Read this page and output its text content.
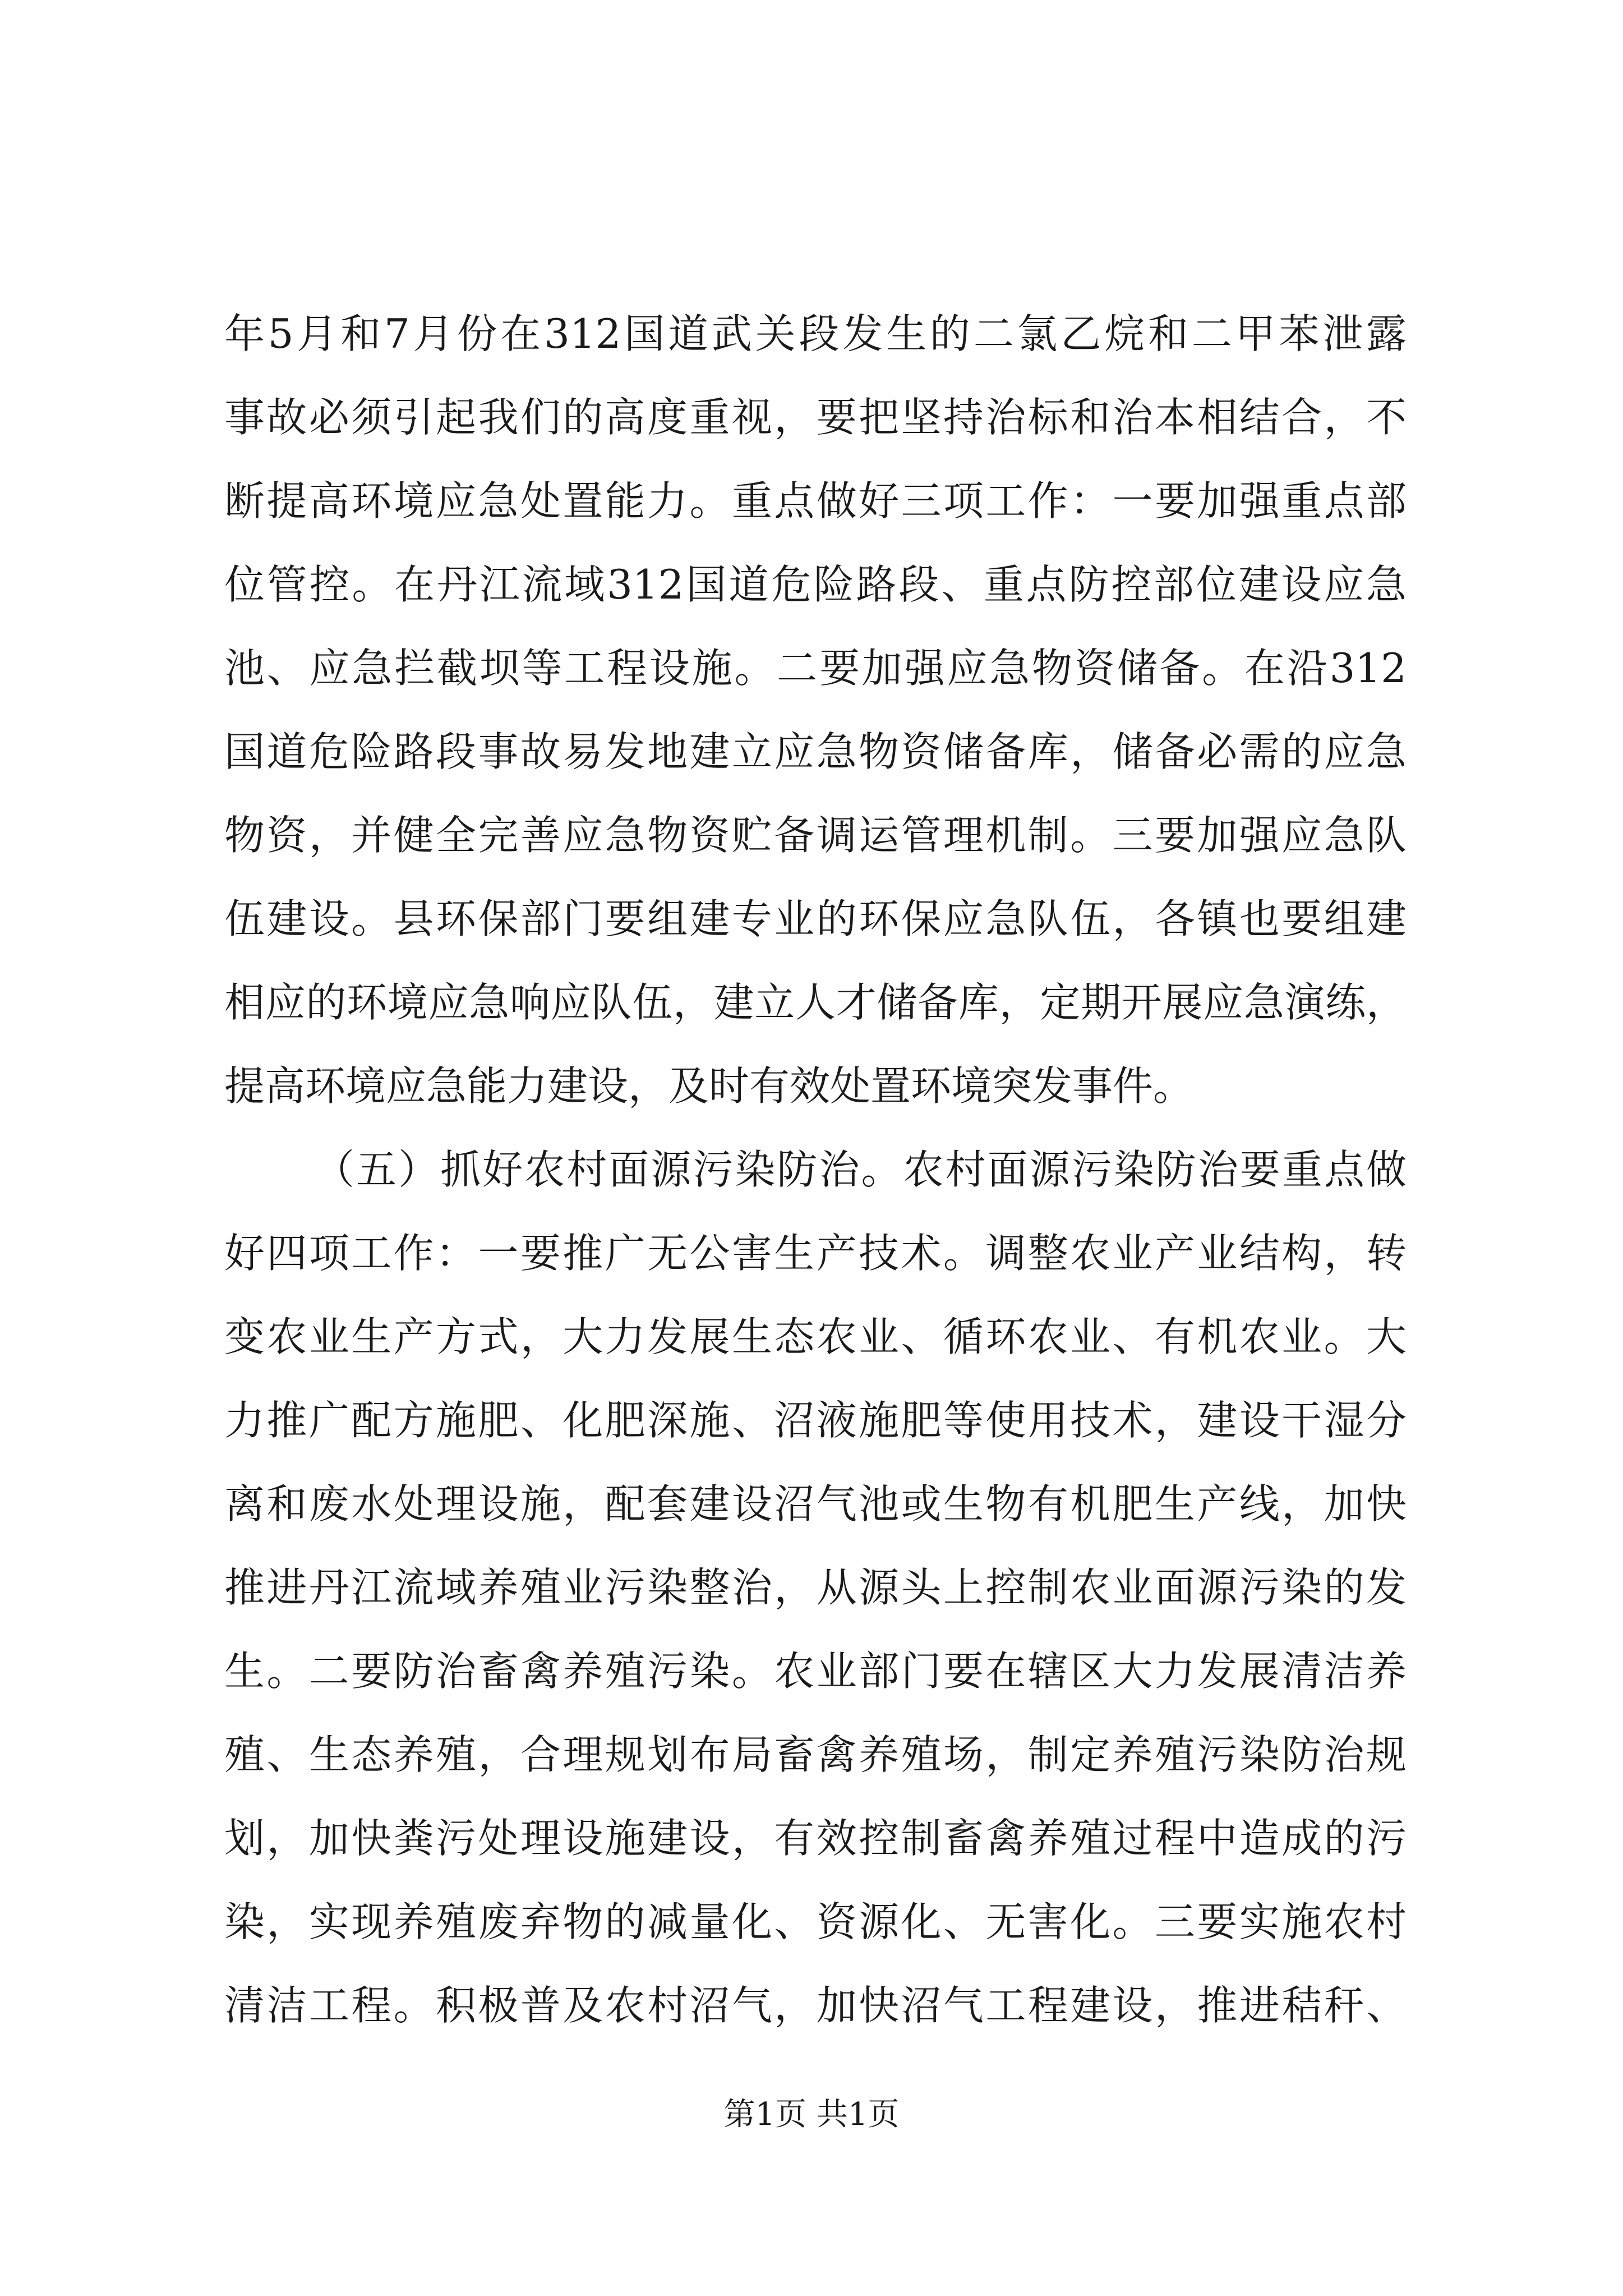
年5月和7月份在312国道武关段发生的二氯乙烷和二甲苯泄露
事故必须引起我们的高度重视，要把坚持治标和治本相结合，不
断提高环境应急处置能力。重点做好三项工作：一要加强重点部
位管控。在丹江流域312国道危险路段、重点防控部位建设应急
池、应急拦截坝等工程设施。二要加强应急物资储备。在沿312
国道危险路段事故易发地建立应急物资储备库，储备必需的应急
物资，并健全完善应急物资贮备调运管理机制。三要加强应急队
伍建设。县环保部门要组建专业的环保应急队伍，各镇也要组建
相应的环境应急响应队伍，建立人才储备库，定期开展应急演练，
提高环境应急能力建设，及时有效处置环境突发事件。
（五）抓好农村面源污染防治。农村面源污染防治要重点做
好四项工作：一要推广无公害生产技术。调整农业产业结构，转
变农业生产方式，大力发展生态农业、循环农业、有机农业。大
力推广配方施肥、化肥深施、沼液施肥等使用技术，建设干湿分
离和废水处理设施，配套建设沼气池或生物有机肥生产线，加快
推进丹江流域养殖业污染整治，从源头上控制农业面源污染的发
生。二要防治畜禽养殖污染。农业部门要在辖区大力发展清洁养
殖、生态养殖，合理规划布局畜禽养殖场，制定养殖污染防治规
划，加快粪污处理设施建设，有效控制畜禽养殖过程中造成的污
染，实现养殖废弃物的减量化、资源化、无害化。三要实施农村
清洁工程。积极普及农村沼气，加快沼气工程建设，推进秸秆、
第1页 共1页
